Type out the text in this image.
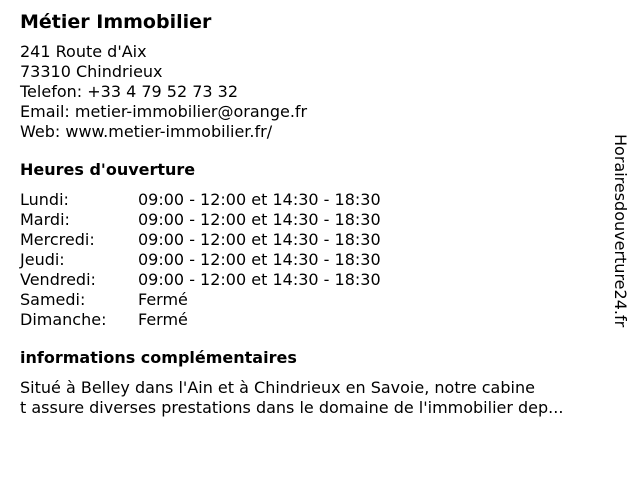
Métier Immobilier
241 Route d'Aix
73310 Chindrieux
Telefon: +33 4 79 52 73 32
Email: metier-immobilier@orange.fr
Web: www.metier-immobilier.fr/
Heures d'ouverture
Lundi:	09:00 - 12:00 et 14:30 - 18:30
Mardi:	09:00 - 12:00 et 14:30 - 18:30
Mercredi:	09:00 - 12:00 et 14:30 - 18:30
Jeudi:	09:00 - 12:00 et 14:30 - 18:30
Vendredi:	09:00 - 12:00 et 14:30 - 18:30
Samedi:	Fermé
Dimanche:	Fermé
informations complémentaires
Situé à Belley dans l'Ain et à Chindrieux en Savoie, notre cabine
t assure diverses prestations dans le domaine de l'immobilier dep...
Horairesdouverture24.fr
